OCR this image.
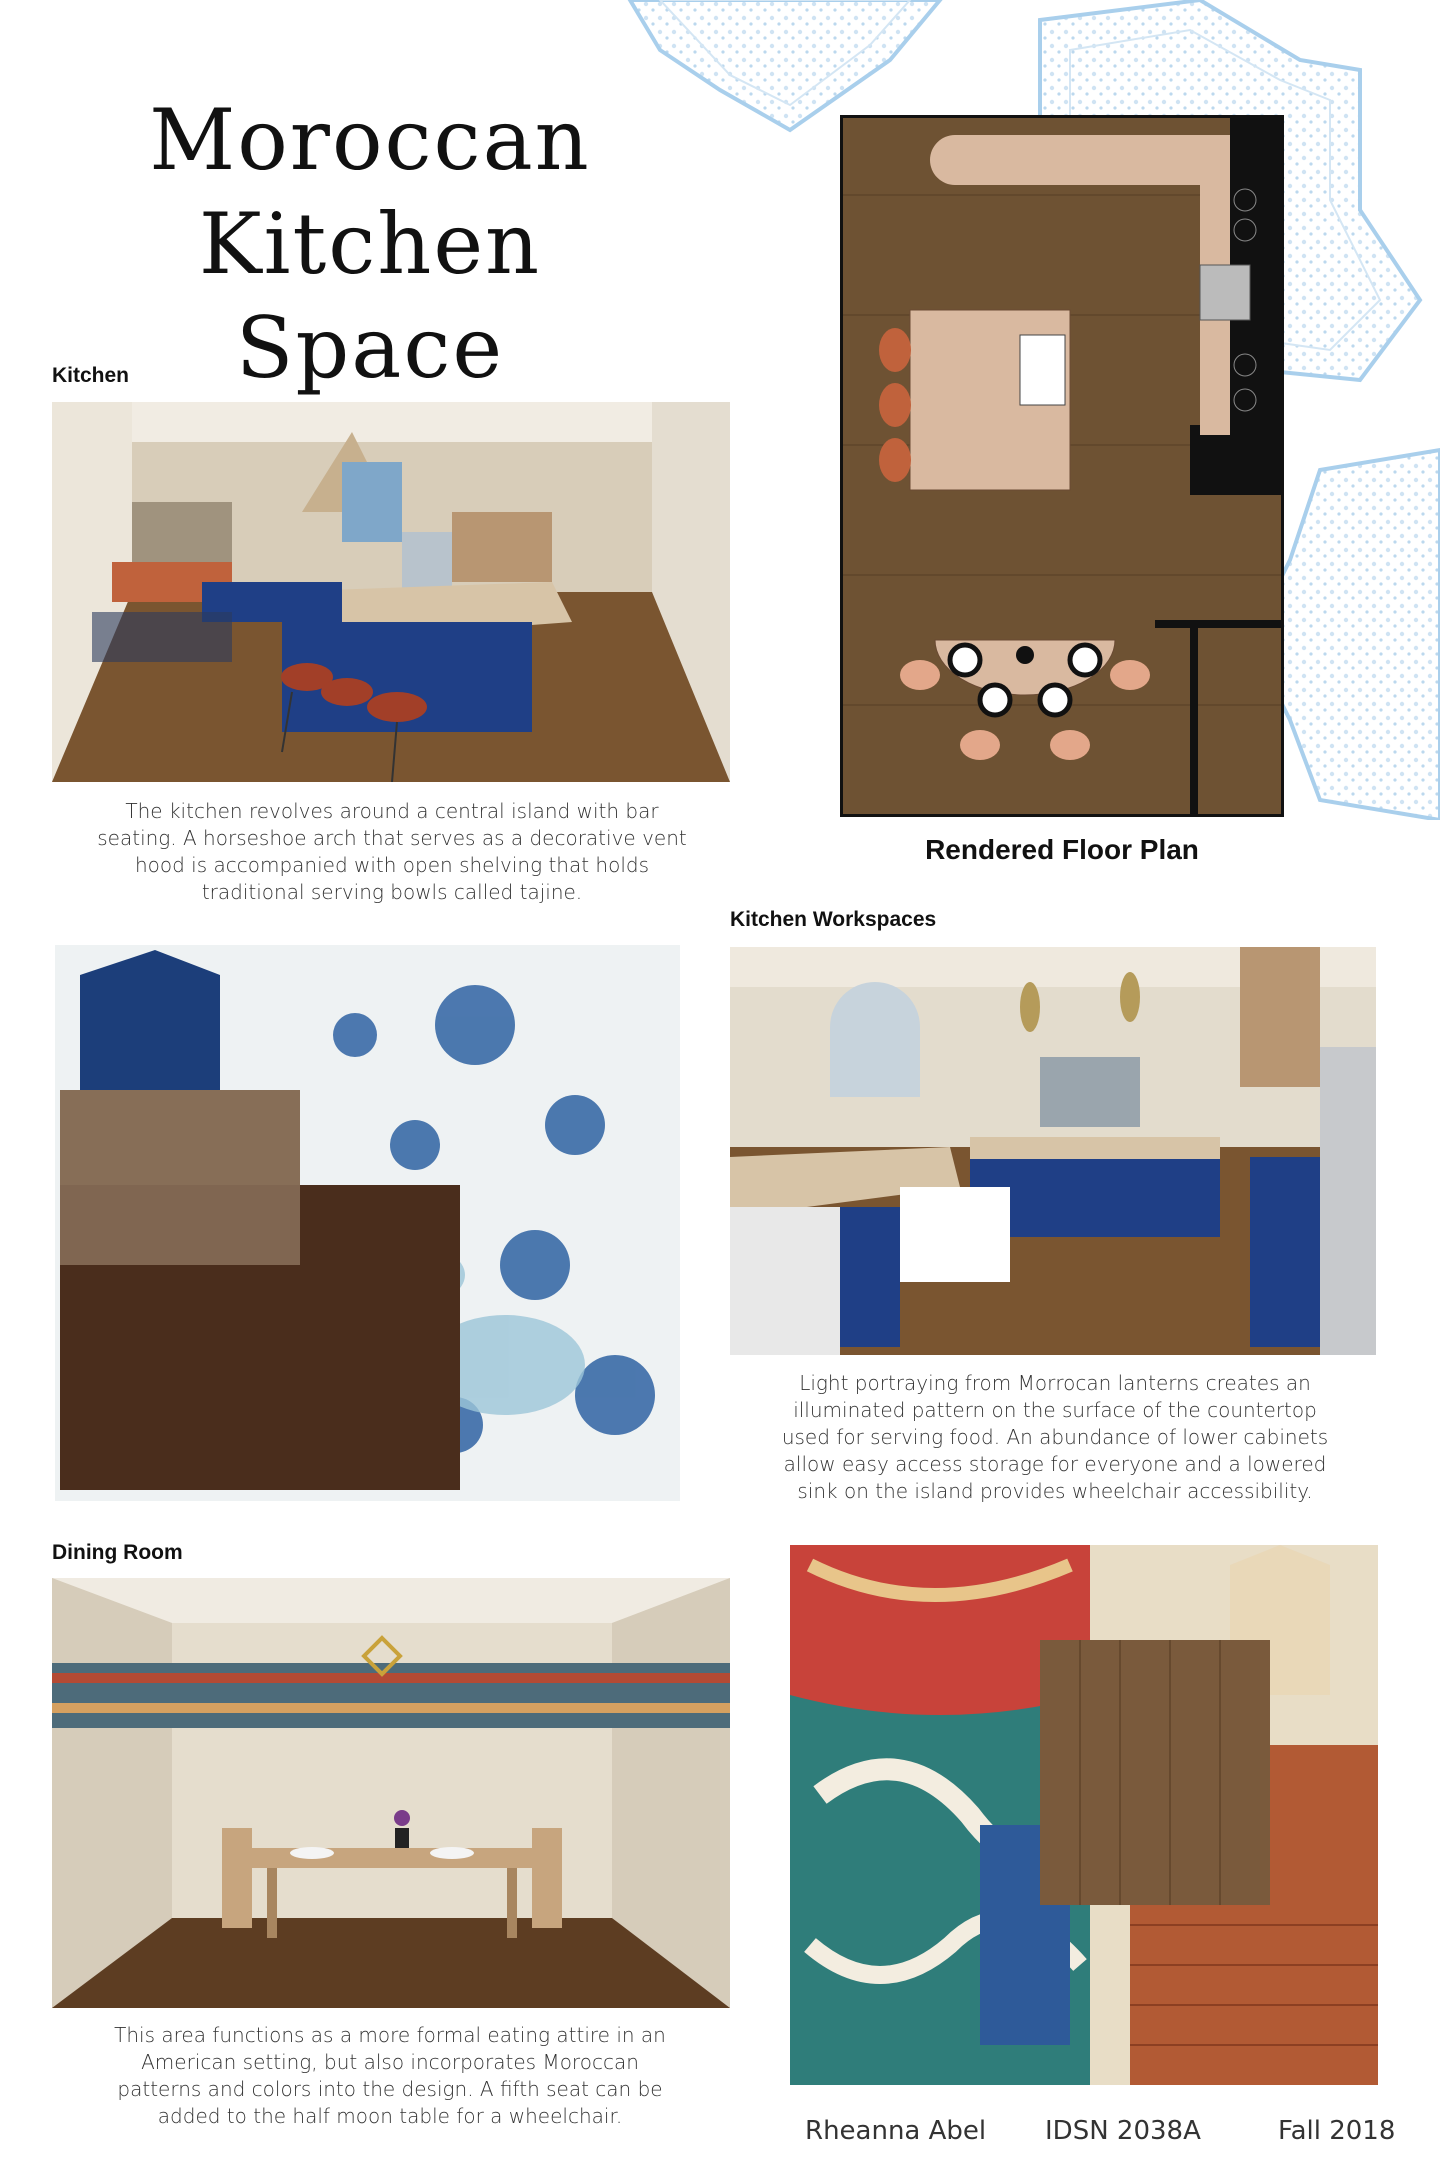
Moroccan
Kitchen Space
Kitchen
The kitchen revolves around a central island with bar seating. A horseshoe arch that serves as a decorative vent hood is accompanied with open shelving that holds traditional serving bowls called tajine.
Rendered Floor Plan
Kitchen Workspaces
Light portraying from Morrocan lanterns creates an illuminated pattern on the surface of the countertop used for serving food. An abundance of lower cabinets allow easy access storage for everyone and a lowered sink on the island provides wheelchair accessibility.
Dining Room
This area functions as a more formal eating attire in an American setting, but also incorporates Moroccan patterns and colors into the design. A fifth seat can be added to the half moon table for a wheelchair.	Rheanna Abel IDSN 2038A	Fall 2018
